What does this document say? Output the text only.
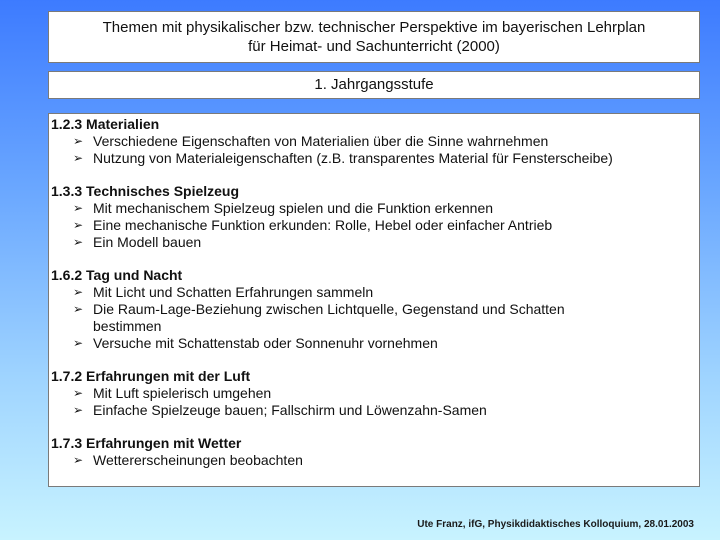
Themen mit physikalischer bzw. technischer Perspektive im bayerischen Lehrplan
für Heimat- und Sachunterricht (2000)
1. Jahrgangsstufe
1.2.3 Materialien
➢ Verschiedene Eigenschaften von Materialien über die Sinne wahrnehmen
➢ Nutzung von Materialeigenschaften (z.B. transparentes Material für Fensterscheibe)
1.3.3 Technisches Spielzeug
➢ Mit mechanischem Spielzeug spielen und die Funktion erkennen
➢ Eine mechanische Funktion erkunden: Rolle, Hebel oder einfacher Antrieb
➢ Ein Modell bauen
1.6.2 Tag und Nacht
➢ Mit Licht und Schatten Erfahrungen sammeln
➢ Die Raum-Lage-Beziehung zwischen Lichtquelle, Gegenstand und Schatten bestimmen
➢ Versuche mit Schattenstab oder Sonnenuhr vornehmen
1.7.2 Erfahrungen mit der Luft
➢ Mit Luft spielerisch umgehen
➢ Einfache Spielzeuge bauen; Fallschirm und Löwenzahn-Samen
1.7.3 Erfahrungen mit Wetter
➢ Wettererscheinungen beobachten
Ute Franz, ifG, Physikdidaktisches Kolloquium, 28.01.2003
